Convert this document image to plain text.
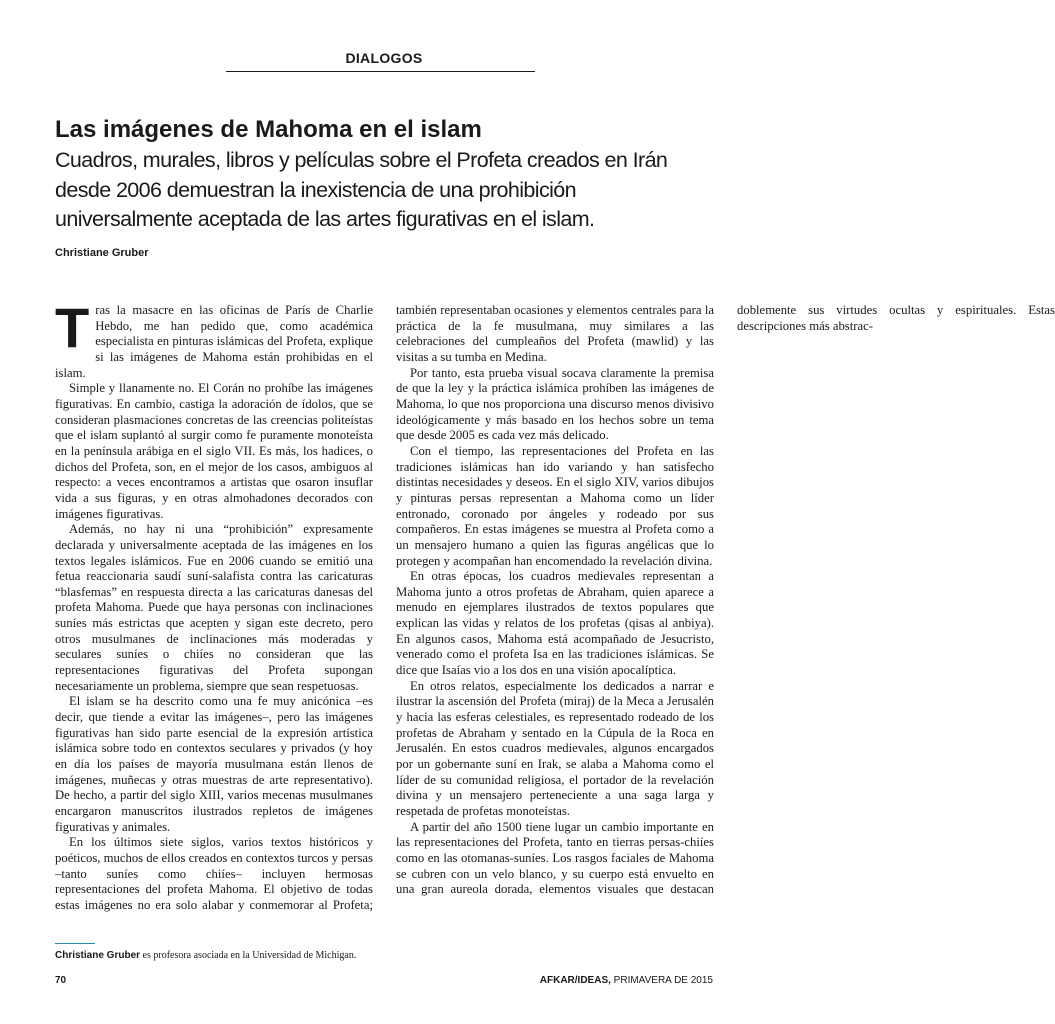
DIALOGOS
Las imágenes de Mahoma en el islam
Cuadros, murales, libros y películas sobre el Profeta creados en Irán desde 2006 demuestran la inexistencia de una prohibición universalmente aceptada de las artes figurativas en el islam.
Christiane Gruber

Tras la masacre en las oficinas de París de Charlie Hebdo, me han pedido que, como académica especialista en pinturas islámicas del Profeta, explique si las imágenes de Mahoma están prohibidas en el islam.

Simple y llanamente no. El Corán no prohíbe las imágenes figurativas. En cambio, castiga la adoración de ídolos, que se consideran plasmaciones concretas de las creencias politeístas que el islam suplantó al surgir como fe puramente monoteísta en la península arábiga en el siglo VII. Es más, los hadices, o dichos del Profeta, son, en el mejor de los casos, ambiguos al respecto: a veces encontramos a artistas que osaron insuflar vida a sus figuras, y en otras almohadones decorados con imágenes figurativas.

Además, no hay ni una “prohibición” expresamente declarada y universalmente aceptada de las imágenes en los textos legales islámicos. Fue en 2006 cuando se emitió una fetua reaccionaria saudí suní-salafista contra las caricaturas “blasfemas” en respuesta directa a las caricaturas danesas del profeta Mahoma. Puede que haya personas con inclinaciones suníes más estrictas que acepten y sigan este decreto, pero otros musulmanes de inclinaciones más moderadas y seculares suníes o chiíes no consideran que las representaciones figurativas del Profeta supongan necesariamente un problema, siempre que sean respetuosas.

El islam se ha descrito como una fe muy anicónica –es decir, que tiende a evitar las imágenes–, pero las imágenes figurativas han sido parte esencial de la expresión artística islámica sobre todo en contextos seculares y privados (y hoy en día los países de mayoría musulmana están llenos de imágenes, muñecas y otras muestras de arte representativo). De hecho, a partir del siglo XIII, varios mecenas musulmanes encargaron manuscritos ilustrados repletos de imágenes figurativas y animales.

En los últimos siete siglos, varios textos históricos y poéticos, muchos de ellos creados en contextos turcos y persas –tanto suníes como chiíes– incluyen hermosas representaciones del profeta Mahoma. El objetivo de todas estas imágenes no era solo alabar y conmemorar al Profeta; también representaban ocasiones y elementos centrales para la práctica de la fe musulmana, muy similares a las celebraciones del cumpleaños del Profeta (mawlid) y las visitas a su tumba en Medina.

Por tanto, esta prueba visual socava claramente la premisa de que la ley y la práctica islámica prohíben las imágenes de Mahoma, lo que nos proporciona una discurso menos divisivo ideológicamente y más basado en los hechos sobre un tema que desde 2005 es cada vez más delicado.

Con el tiempo, las representaciones del Profeta en las tradiciones islámicas han ido variando y han satisfecho distintas necesidades y deseos. En el siglo XIV, varios dibujos y pinturas persas representan a Mahoma como un líder entronado, coronado por ángeles y rodeado por sus compañeros. En estas imágenes se muestra al Profeta como a un mensajero humano a quien las figuras angélicas que lo protegen y acompañan han encomendado la revelación divina.

En otras épocas, los cuadros medievales representan a Mahoma junto a otros profetas de Abraham, quien aparece a menudo en ejemplares ilustrados de textos populares que explican las vidas y relatos de los profetas (qisas al anbiya). En algunos casos, Mahoma está acompañado de Jesucristo, venerado como el profeta Isa en las tradiciones islámicas. Se dice que Isaías vio a los dos en una visión apocalíptica.

En otros relatos, especialmente los dedicados a narrar e ilustrar la ascensión del Profeta (miraj) de la Meca a Jerusalén y hacia las esferas celestiales, es representado rodeado de los profetas de Abraham y sentado en la Cúpula de la Roca en Jerusalén. En estos cuadros medievales, algunos encargados por un gobernante suní en Irak, se alaba a Mahoma como el líder de su comunidad religiosa, el portador de la revelación divina y un mensajero perteneciente a una saga larga y respetada de profetas monoteístas.

A partir del año 1500 tiene lugar un cambio importante en las representaciones del Profeta, tanto en tierras persas-chiíes como en las otomanas-suníes. Los rasgos faciales de Mahoma se cubren con un velo blanco, y su cuerpo está envuelto en una gran aureola dorada, elementos visuales que destacan doblemente sus virtudes ocultas y espirituales. Estas descripciones más abstrac-

Christiane Gruber es profesora asociada en la Universidad de Michigan.
70	AFKAR/IDEAS, PRIMAVERA DE 2015
